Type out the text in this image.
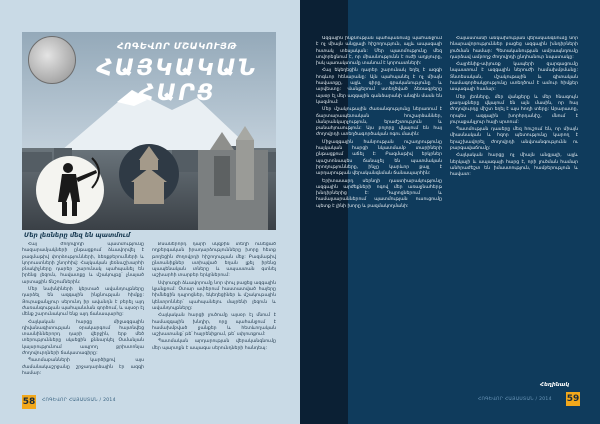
ՀՈԳԵՎՈՐ ՄՇԱԿՈՒՅԹ
ՀԱՅԿԱԿԱՆ ՀԱՐՑ
Մեր լեռները մեզ են պատմում

Հայ ժողովրդի պատմությունը հազարամյակների ընթացքում ձևավորվել է բազմաթիվ փորձությունների, ձեռքբերումների և կորուստների շնորհիվ: Հայկական լեռնաշխարհի բնակիչները դարեր շարունակ պահպանել են իրենց լեզուն, հավատքը և մշակույթը՝ չնայած արտաքին ճնշումներին:

Մեր նախնիների կերտած ավանդույթները դարձել են ազգային ինքնության հիմքը: Յուրաքանչյուր սերունդ իր ավանդն է բերել այդ ժառանգության պահպանման գործում, և այսօր էլ մենք շարունակում ենք այդ ճանապարհը:

Հայկական հարցը միջազգային դիվանագիտության օրակարգում հայտնվեց տասնիններորդ դարի վերջին, երբ մեծ տերությունները սկսեցին քննարկել Օսմանյան կայսրությունում ապրող քրիստոնյա ժողովուրդների ճակատագիրը:

Պատմաբանների կարծիքով այս ժամանակաշրջանը շրջադարձային էր ազգի համար:

Քսաներորդ դարի սկզբին տեղի ունեցած ողբերգական իրադարձությունները խորը հետք թողեցին ժողովրդի հիշողության մեջ: Բազմաթիվ ընտանիքներ ստիպված եղան լքել իրենց պապենական տները և ապաստան գտնել աշխարհի տարբեր երկրներում:

Սփյուռքի ձևավորումը նոր փուլ բացեց ազգային կյանքում: Օտար ափերում հաստատված հայերը հիմնեցին դպրոցներ, եկեղեցիներ և մշակութային կենտրոններ՝ պահպանելու մայրենի լեզուն և ավանդույթները:

Հայկական հարցի լուծումը այսօր էլ մնում է համազգային խնդիր, որը պահանջում է համախմբված ջանքեր և հետևողական աշխատանք՝ թե՛ հայրենիքում, թե՛ սփյուռքում:

Պատմական արդարության վերականգնումը մեր պարտքն է ապագա սերունդների հանդեպ:

58 ՀՈԳԵՎՈՐ ՀԱՅԱՍՏԱՆ / 2014

Ազգային ինքնության պահպանումը պահանջում է ոչ միայն անցյալի հիշողություն, այլև ապագայի հստակ տեսլական: Մեր պատմությունը մեզ սովորեցնում է, որ միասնությունն է ուժի աղբյուրը, իսկ պառակտումը տանում է կորուստների:

Հայ եկեղեցին դարեր շարունակ եղել է ազգի հոգևոր հենարանը: Այն պահպանել է ոչ միայն հավատքը, այլև գիրը, գրականությունը և արվեստը: Վանքերում ստեղծված ձեռագրերը այսօր էլ մեր ազգային գանձարանի անգին մասն են կազմում:

Մեր մշակութային ժառանգությունը ներառում է ճարտարապետական հուշարձաններ, մանրանկարչություն, երաժշտություն և բանահյուսություն: Այս բոլորը վկայում են հայ ժողովրդի ստեղծագործական ոգու մասին:

Միջազգային հանրության ուշադրությունը հայկական հարցի նկատմամբ տարիների ընթացքում աճել է: Բազմաթիվ երկրներ պաշտոնապես ճանաչել են պատմական իրողությունները, ինչը կարևոր քայլ է արդարության վերականգնման ճանապարհին:

Երիտասարդ սերնդի դաստիարակությունը ազգային արժեքների ոգով մեր առաջնահերթ խնդիրներից է: Դպրոցներում և համալսարաններում պատմության ուսուցումը պետք է լինի խորը և բազմակողմանի:

Հայաստանի անկախության վերականգնումը նոր հնարավորություններ բացեց ազգային խնդիրների լուծման համար: Պետականության ամրապնդումը դարձավ ամբողջ ժողովրդի ընդհանուր նպատակը:

Հայրենիք-սփյուռք կապերի զարգացումը նպաստում է ազգային ներուժի համախմբմանը: Տնտեսական, մշակութային և գիտական համագործակցությունը ստեղծում է ամուր հիմքեր ապագայի համար:

Մեր լեռները, մեր վանքերը և մեր հնագույն քաղաքները վկայում են այն մասին, որ հայ ժողովուրդը միշտ եղել է այս հողի տերը: Արարատը, որպես ազգային խորհրդանիշ, մնում է յուրաքանչյուր հայի սրտում:

Պատմության դասերը մեզ հուշում են, որ միայն միասնական և հզոր պետությունը կարող է երաշխավորել ժողովրդի անվտանգությունն ու բարգավաճումը:

Հայկական հարցը ոչ միայն անցյալի, այլև ներկայի և ապագայի հարց է, որի լուծման համար անհրաժեշտ են իմաստություն, համբերություն և հավատ:

Հեղինակ
ՀՈԳԵՎՈՐ ՀԱՅԱՍՏԱՆ / 2014 59
